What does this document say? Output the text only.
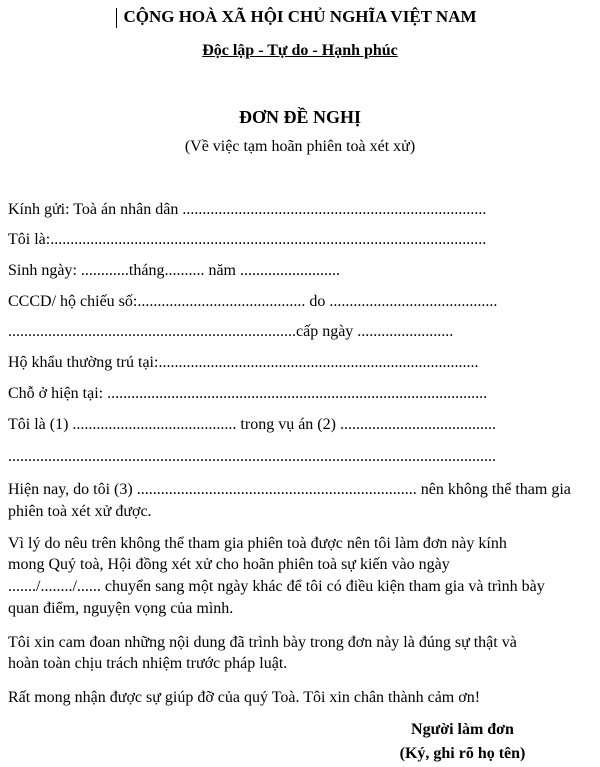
CỘNG HOÀ XÃ HỘI CHỦ NGHĨA VIỆT NAM
Độc lập - Tự do - Hạnh phúc
ĐƠN ĐỀ NGHỊ
(Về việc tạm hoãn phiên toà xét xử)
Kính gửi: Toà án nhân dân ............................................................................
Tôi là:.............................................................................................................
Sinh ngày: ............tháng.......... năm .........................
CCCD/ hộ chiếu số:.......................................... do ..........................................
........................................................................cấp ngày ........................
Hộ khẩu thường trú tại:................................................................................
Chỗ ở hiện tại: ...............................................................................................
Tôi là (1) ......................................... trong vụ án (2) .......................................
..........................................................................................................................
Hiện nay, do tôi (3) ...................................................................... nên không thể tham gia
phiên toà xét xử được.
Vì lý do nêu trên không thể tham gia phiên toà được nên tôi làm đơn này kính
mong Quý toà, Hội đồng xét xử cho hoãn phiên toà sự kiến vào ngày
......./......../...... chuyển sang một ngày khác để tôi có điều kiện tham gia và trình bày
quan điểm, nguyện vọng của mình.
Tôi xin cam đoan những nội dung đã trình bày trong đơn này là đúng sự thật và
hoàn toàn chịu trách nhiệm trước pháp luật.
Rất mong nhận được sự giúp đỡ của quý Toà. Tôi xin chân thành cảm ơn!
Người làm đơn
(Ký, ghi rõ họ tên)
